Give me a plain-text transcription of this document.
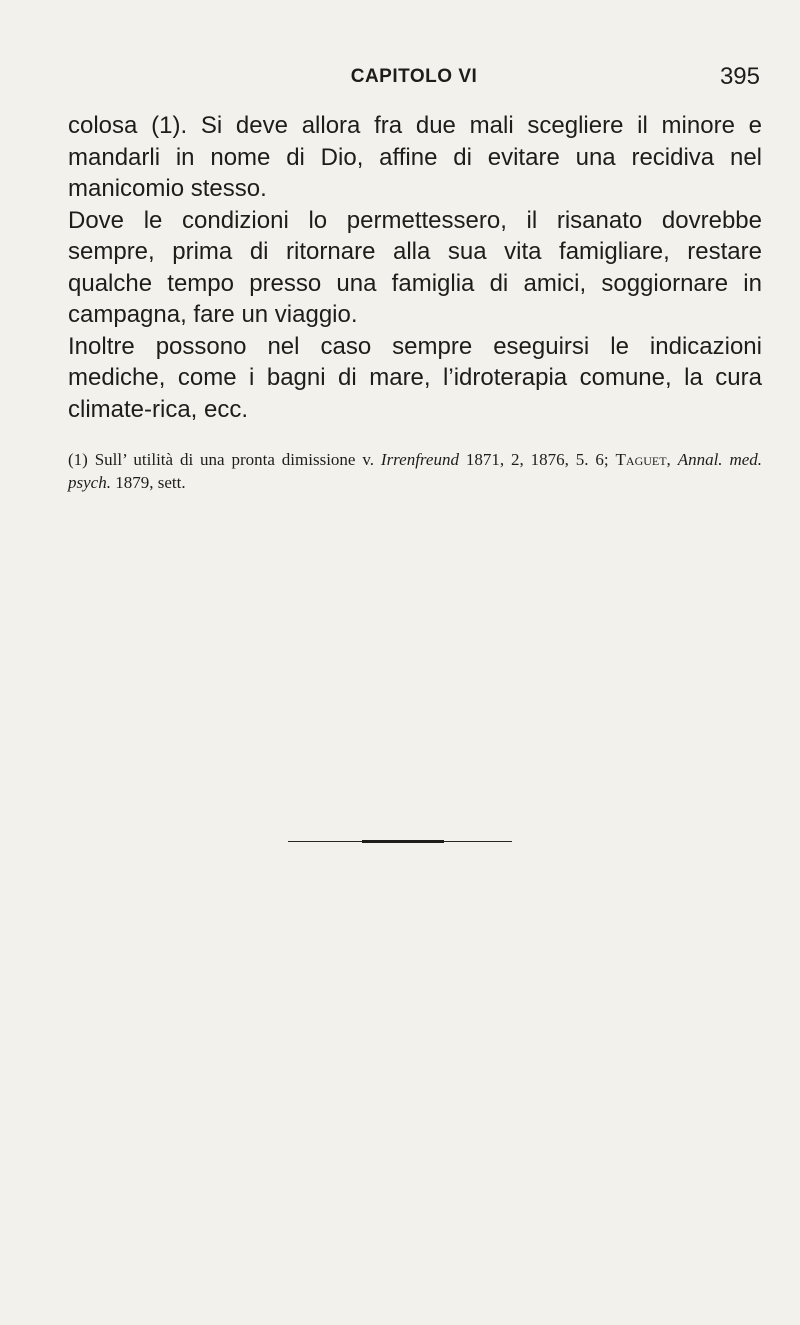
CAPITOLO VI	395

colosa (1). Si deve allora fra due mali scegliere il minore e mandarli in nome di Dio, affine di evitare una recidiva nel manicomio stesso.

Dove le condizioni lo permettessero, il risanato dovrebbe sempre, prima di ritornare alla sua vita famigliare, restare qualche tempo presso una famiglia di amici, soggiornare in campagna, fare un viaggio.

Inoltre possono nel caso sempre eseguirsi le indicazioni mediche, come i bagni di mare, l’idroterapia comune, la cura climate-rica, ecc.

(1) Sull’ utilità di una pronta dimissione v. Irrenfreund 1871, 2, 1876, 5. 6; Taguet, Annal. med. psych. 1879, sett.
